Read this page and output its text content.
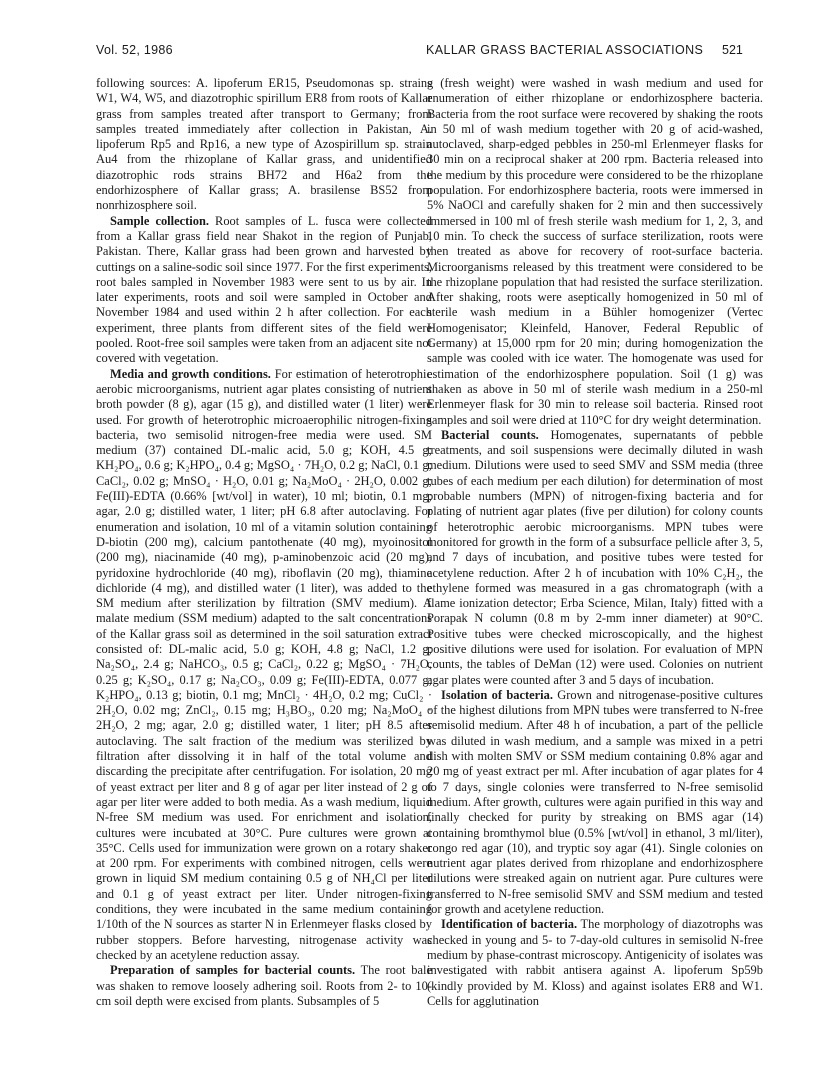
Vol. 52, 1986	KALLAR GRASS BACTERIAL ASSOCIATIONS 521

following sources: A. lipoferum ER15, Pseudomonas sp. strains W1, W4, W5, and diazotrophic spirillum ER8 from roots of Kallar grass from samples treated after transport to Germany; from samples treated immediately after collection in Pakistan, A. lipoferum Rp5 and Rp16, a new type of Azospirillum sp. strain Au4 from the rhizoplane of Kallar grass, and unidentified diazotrophic rods strains BH72 and H6a2 from the endorhizosphere of Kallar grass; A. brasilense BS52 from nonrhizosphere soil.

Sample collection. Root samples of L. fusca were collected from a Kallar grass field near Shakot in the region of Punjab, Pakistan. There, Kallar grass had been grown and harvested by cuttings on a saline-sodic soil since 1977. For the first experiments, root bales sampled in November 1983 were sent to us by air. In later experiments, roots and soil were sampled in October and November 1984 and used within 2 h after collection. For each experiment, three plants from different sites of the field were pooled. Root-free soil samples were taken from an adjacent site not covered with vegetation.

Media and growth conditions. For estimation of heterotrophic aerobic microorganisms, nutrient agar plates consisting of nutrient broth powder (8 g), agar (15 g), and distilled water (1 liter) were used. For growth of heterotrophic microaerophilic nitrogen-fixing bacteria, two semisolid nitrogen-free media were used. SM medium (37) contained DL-malic acid, 5.0 g; KOH, 4.5 g; KH₂PO₄, 0.6 g; K₂HPO₄, 0.4 g; MgSO₄ · 7H₂O, 0.2 g; NaCl, 0.1 g; CaCl₂, 0.02 g; MnSO₄ · H₂O, 0.01 g; Na₂MoO₄ · 2H₂O, 0.002 g; Fe(III)-EDTA (0.66% [wt/vol] in water), 10 ml; biotin, 0.1 mg; agar, 2.0 g; distilled water, 1 liter; pH 6.8 after autoclaving. For enumeration and isolation, 10 ml of a vitamin solution containing D-biotin (200 mg), calcium pantothenate (40 mg), myoinositol (200 mg), niacinamide (40 mg), p-aminobenzoic acid (20 mg), pyridoxine hydrochloride (40 mg), riboflavin (20 mg), thiamine dichloride (4 mg), and distilled water (1 liter), was added to the SM medium after sterilization by filtration (SMV medium). A malate medium (SSM medium) adapted to the salt concentrations of the Kallar grass soil as determined in the soil saturation extract consisted of: DL-malic acid, 5.0 g; KOH, 4.8 g; NaCl, 1.2 g; Na₂SO₄, 2.4 g; NaHCO₃, 0.5 g; CaCl₂, 0.22 g; MgSO₄ · 7H₂O, 0.25 g; K₂SO₄, 0.17 g; Na₂CO₃, 0.09 g; Fe(III)-EDTA, 0.077 g; K₂HPO₄, 0.13 g; biotin, 0.1 mg; MnCl₂ · 4H₂O, 0.2 mg; CuCl₂ · 2H₂O, 0.02 mg; ZnCl₂, 0.15 mg; H₃BO₃, 0.20 mg; Na₂MoO₄ · 2H₂O, 2 mg; agar, 2.0 g; distilled water, 1 liter; pH 8.5 after autoclaving. The salt fraction of the medium was sterilized by filtration after dissolving it in half of the total volume and discarding the precipitate after centrifugation. For isolation, 20 mg of yeast extract per liter and 8 g of agar per liter instead of 2 g of agar per liter were added to both media. As a wash medium, liquid N-free SM medium was used. For enrichment and isolation, cultures were incubated at 30°C. Pure cultures were grown at 35°C. Cells used for immunization were grown on a rotary shaker at 200 rpm. For experiments with combined nitrogen, cells were grown in liquid SM medium containing 0.5 g of NH₄Cl per liter and 0.1 g of yeast extract per liter. Under nitrogen-fixing conditions, they were incubated in the same medium containing 1/10th of the N sources as starter N in Erlenmeyer flasks closed by rubber stoppers. Before harvesting, nitrogenase activity was checked by an acetylene reduction assay.

Preparation of samples for bacterial counts. The root bale was shaken to remove loosely adhering soil. Roots from 2- to 10-cm soil depth were excised from plants. Subsamples of 5

g (fresh weight) were washed in wash medium and used for enumeration of either rhizoplane or endorhizosphere bacteria. Bacteria from the root surface were recovered by shaking the roots in 50 ml of wash medium together with 20 g of acid-washed, autoclaved, sharp-edged pebbles in 250-ml Erlenmeyer flasks for 30 min on a reciprocal shaker at 200 rpm. Bacteria released into the medium by this procedure were considered to be the rhizoplane population. For endorhizosphere bacteria, roots were immersed in 5% NaOCl and carefully shaken for 2 min and then successively immersed in 100 ml of fresh sterile wash medium for 1, 2, 3, and 10 min. To check the success of surface sterilization, roots were then treated as above for recovery of root-surface bacteria. Microorganisms released by this treatment were considered to be the rhizoplane population that had resisted the surface sterilization. After shaking, roots were aseptically homogenized in 50 ml of sterile wash medium in a Bühler homogenizer (Vertec Homogenisator; Kleinfeld, Hanover, Federal Republic of Germany) at 15,000 rpm for 20 min; during homogenization the sample was cooled with ice water. The homogenate was used for estimation of the endorhizosphere population. Soil (1 g) was shaken as above in 50 ml of sterile wash medium in a 250-ml Erlenmeyer flask for 30 min to release soil bacteria. Rinsed root samples and soil were dried at 110°C for dry weight determination.

Bacterial counts. Homogenates, supernatants of pebble treatments, and soil suspensions were decimally diluted in wash medium. Dilutions were used to seed SMV and SSM media (three tubes of each medium per each dilution) for determination of most probable numbers (MPN) of nitrogen-fixing bacteria and for plating of nutrient agar plates (five per dilution) for colony counts of heterotrophic aerobic microorganisms. MPN tubes were monitored for growth in the form of a subsurface pellicle after 3, 5, and 7 days of incubation, and positive tubes were tested for acetylene reduction. After 2 h of incubation with 10% C₂H₂, the ethylene formed was measured in a gas chromatograph (with a flame ionization detector; Erba Science, Milan, Italy) fitted with a Porapak N column (0.8 m by 2-mm inner diameter) at 90°C. Positive tubes were checked microscopically, and the highest positive dilutions were used for isolation. For evaluation of MPN counts, the tables of DeMan (12) were used. Colonies on nutrient agar plates were counted after 3 and 5 days of incubation.

Isolation of bacteria. Grown and nitrogenase-positive cultures of the highest dilutions from MPN tubes were transferred to N-free semisolid medium. After 48 h of incubation, a part of the pellicle was diluted in wash medium, and a sample was mixed in a petri dish with molten SMV or SSM medium containing 0.8% agar and 20 mg of yeast extract per ml. After incubation of agar plates for 4 to 7 days, single colonies were transferred to N-free semisolid medium. After growth, cultures were again purified in this way and finally checked for purity by streaking on BMS agar (14) containing bromthymol blue (0.5% [wt/vol] in ethanol, 3 ml/liter), congo red agar (10), and tryptic soy agar (41). Single colonies on nutrient agar plates derived from rhizoplane and endorhizosphere dilutions were streaked again on nutrient agar. Pure cultures were transferred to N-free semisolid SMV and SSM medium and tested for growth and acetylene reduction.

Identification of bacteria. The morphology of diazotrophs was checked in young and 5- to 7-day-old cultures in semisolid N-free medium by phase-contrast microscopy. Antigenicity of isolates was investigated with rabbit antisera against A. lipoferum Sp59b (kindly provided by M. Kloss) and against isolates ER8 and W1. Cells for agglutination
